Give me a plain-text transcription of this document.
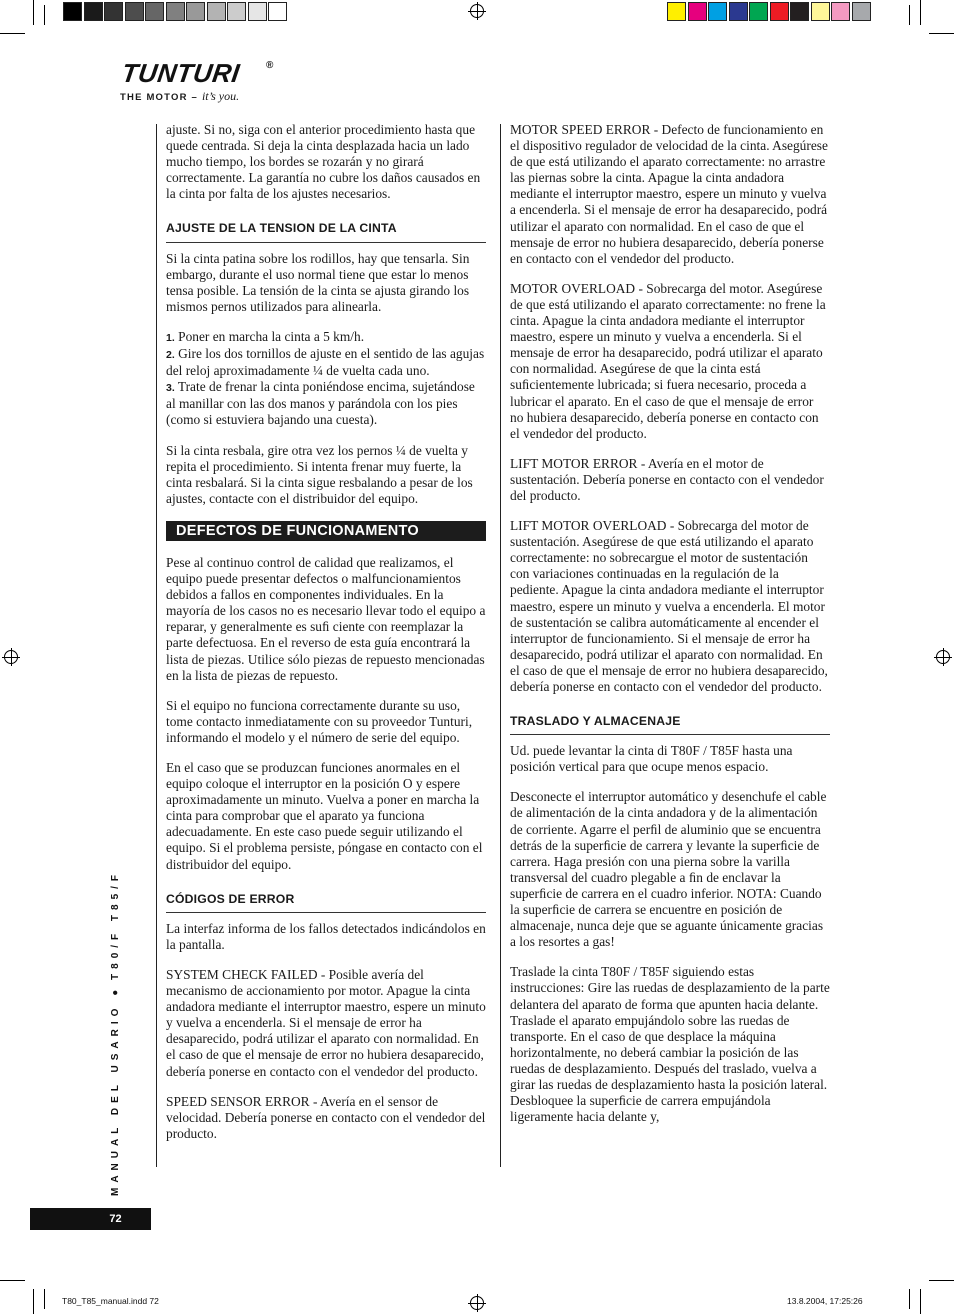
TUNTURI ®
THE MOTOR – it’s you.

ajuste. Si no, siga con el anterior procedimiento hasta que quede centrada. Si deja la cinta desplazada hacia un lado mucho tiempo, los bordes se rozarán y no girará correctamente. La garantía no cubre los daños causados en la cinta por falta de los ajustes necesarios.

AJUSTE DE LA TENSION DE LA CINTA

Si la cinta patina sobre los rodillos, hay que tensarla. Sin embargo, durante el uso normal tiene que estar lo menos tensa posible. La tensión de la cinta se ajusta girando los mismos pernos utilizados para alinearla.

1. Poner en marcha la cinta a 5 km/h.
2. Gire los dos tornillos de ajuste en el sentido de las agujas del reloj aproximadamente ¼ de vuelta cada uno.
3. Trate de frenar la cinta poniéndose encima, sujetándose al manillar con las dos manos y parándola con los pies (como si estuviera bajando una cuesta).

Si la cinta resbala, gire otra vez los pernos ¼ de vuelta y repita el procedimiento. Si intenta frenar muy fuerte, la cinta resbalará. Si la cinta sigue resbalando a pesar de los ajustes, contacte con el distribuidor del equipo.

DEFECTOS DE FUNCIONAMENTO

Pese al continuo control de calidad que realizamos, el equipo puede presentar defectos o malfuncionamientos debidos a fallos en componentes individuales. En la mayoría de los casos no es necesario llevar todo el equipo a reparar, y generalmente es suﬁ ciente con reemplazar la parte defectuosa. En el reverso de esta guía encontrará la lista de piezas. Utilice sólo piezas de repuesto mencionadas en la lista de piezas de repuesto.

Si el equipo no funciona correctamente durante su uso, tome contacto inmediatamente con su proveedor Tunturi, informando el modelo y el número de serie del equipo.

En el caso que se produzcan funciones anormales en el equipo coloque el interruptor en la posición O y espere aproximadamente un minuto. Vuelva a poner en marcha la cinta para comprobar que el aparato ya funciona adecuadamente. En este caso puede seguir utilizando el equipo. Si el problema persiste, póngase en contacto con el distribuidor del equipo.

CÓDIGOS DE ERROR

La interfaz informa de los fallos detectados indicándolos en la pantalla.

SYSTEM CHECK FAILED - Posible avería del mecanismo de accionamiento por motor. Apague la cinta andadora mediante el interruptor maestro, espere un minuto y vuelva a encenderla. Si el mensaje de error ha desaparecido, podrá utilizar el aparato con normalidad. En el caso de que el mensaje de error no hubiera desaparecido, debería ponerse en contacto con el vendedor del producto.

SPEED SENSOR ERROR - Avería en el sensor de velocidad. Debería ponerse en contacto con el vendedor del producto.

MOTOR SPEED ERROR - Defecto de funcionamiento en el dispositivo regulador de velocidad de la cinta. Asegúrese de que está utilizando el aparato correctamente: no arrastre las piernas sobre la cinta. Apague la cinta andadora mediante el interruptor maestro, espere un minuto y vuelva a encenderla. Si el mensaje de error ha desaparecido, podrá utilizar el aparato con normalidad. En el caso de que el mensaje de error no hubiera desaparecido, debería ponerse en contacto con el vendedor del producto.

MOTOR OVERLOAD - Sobrecarga del motor. Asegúrese de que está utilizando el aparato correctamente: no frene la cinta. Apague la cinta andadora mediante el interruptor maestro, espere un minuto y vuelva a encenderla. Si el mensaje de error ha desaparecido, podrá utilizar el aparato con normalidad. Asegúrese de que la cinta está suﬁcientemente lubricada; si fuera necesario, proceda a lubricar el aparato. En el caso de que el mensaje de error no hubiera desaparecido, debería ponerse en contacto con el vendedor del producto.

LIFT MOTOR ERROR - Avería en el motor de sustentación. Debería ponerse en contacto con el vendedor del producto.

LIFT MOTOR OVERLOAD - Sobrecarga del motor de sustentación. Asegúrese de que está utilizando el aparato correctamente: no sobrecargue el motor de sustentación con variaciones continuadas en la regulación de la pediente. Apague la cinta andadora mediante el interruptor maestro, espere un minuto y vuelva a encenderla. El motor de sustentación se calibra automáticamente al encender el interruptor de funcionamiento. Si el mensaje de error ha desaparecido, podrá utilizar el aparato con normalidad. En el caso de que el mensaje de error no hubiera desaparecido, debería ponerse en contacto con el vendedor del producto.

TRASLADO Y ALMACENAJE

Ud. puede levantar la cinta di T80F / T85F hasta una posición vertical para que ocupe menos espacio.

Desconecte el interruptor automático y desenchufe el cable de alimentación de la cinta andadora y de la alimentación de corriente. Agarre el perﬁl de aluminio que se encuentra detrás de la superﬁcie de carrera y levante la superﬁcie de carrera. Haga presión con una pierna sobre la varilla transversal del cuadro plegable a ﬁn de enclavar la superﬁcie de carrera en el cuadro inferior. NOTA: Cuando la superﬁcie de carrera se encuentre en posición de almacenaje, nunca deje que se aguante únicamente gracias a los resortes a gas!

Traslade la cinta T80F / T85F siguiendo estas instrucciones: Gire las ruedas de desplazamiento de la parte delantera del aparato de forma que apunten hacia delante. Traslade el aparato empujándolo sobre las ruedas de transporte. En el caso de que desplace la máquina horizontalmente, no deberá cambiar la posición de las ruedas de desplazamiento. Después del traslado, vuelva a girar las ruedas de desplazamiento hasta la posición lateral. Desbloquee la superﬁcie de carrera empujándola ligeramente hacia delante y,

MANUAL DEL USARIO ● T80/F T85/F
72
T80_T85_manual.indd 72	13.8.2004, 17:25:26
